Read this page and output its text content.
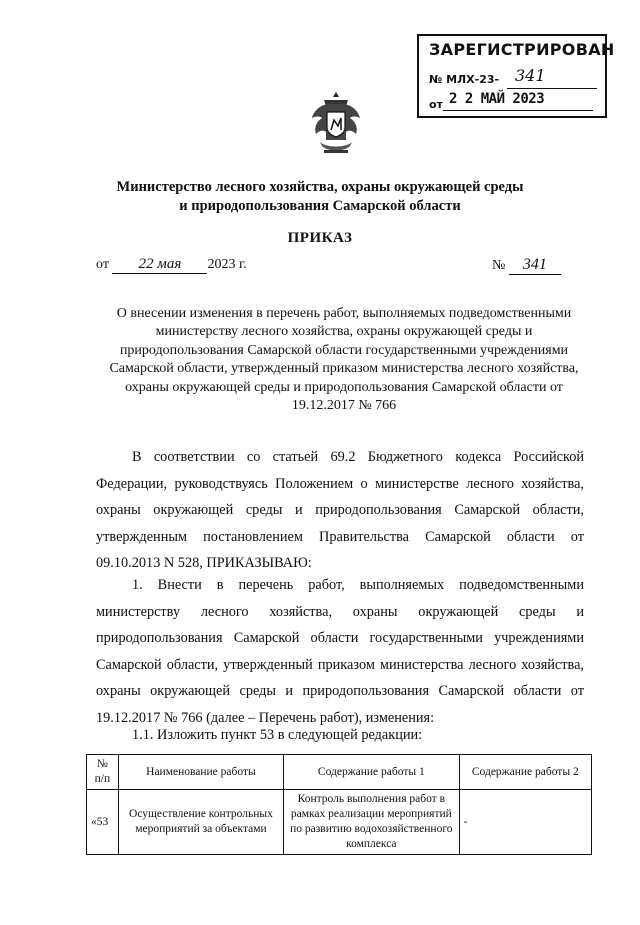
ЗАРЕГИСТРИРОВАН
№ МЛХ-23- 341
от 2 2 МАЙ 2023
Министерство лесного хозяйства, охраны окружающей среды
и природопользования Самарской области
ПРИКАЗ
от 22 мая 2023 г.	№ 341
О внесении изменения в перечень работ, выполняемых подведомственными министерству лесного хозяйства, охраны окружающей среды и природопользования Самарской области государственными учреждениями Самарской области, утвержденный приказом министерства лесного хозяйства, охраны окружающей среды и природопользования Самарской области от 19.12.2017 № 766
В соответствии со статьей 69.2 Бюджетного кодекса Российской Федерации, руководствуясь Положением о министерстве лесного хозяйства, охраны окружающей среды и природопользования Самарской области, утвержденным постановлением Правительства Самарской области от 09.10.2013 N 528, ПРИКАЗЫВАЮ:
1. Внести в перечень работ, выполняемых подведомственными министерству лесного хозяйства, охраны окружающей среды и природопользования Самарской области государственными учреждениями Самарской области, утвержденный приказом министерства лесного хозяйства, охраны окружающей среды и природопользования Самарской области от 19.12.2017 № 766 (далее – Перечень работ), изменения:
1.1. Изложить пункт 53 в следующей редакции:
№ п/п	Наименование работы	Содержание работы 1	Содержание работы 2
«53	Осуществление контрольных мероприятий за объектами	Контроль выполнения работ в рамках реализации мероприятий по развитию водохозяйственного комплекса	-
